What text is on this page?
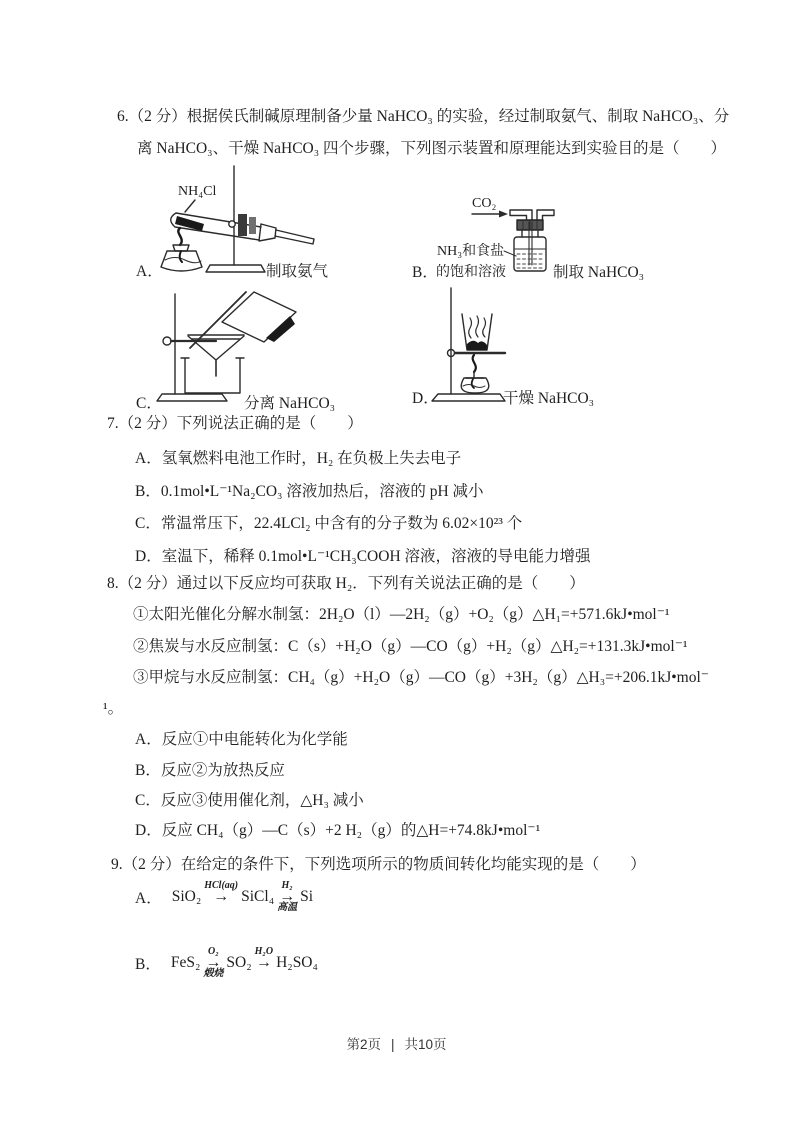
6.（2 分）根据侯氏制碱原理制备少量 NaHCO₃ 的实验，经过制取氨气、制取 NaHCO₃、分
离 NaHCO₃、干燥 NaHCO₃ 四个步骤，下列图示装置和原理能达到实验目的是（　　）
NH₄Cl
A．	制取氨气
CO₂
NH₃和食盐
B．
的饱和溶液	制取 NaHCO₃
C．	分离 NaHCO₃	D．	干燥 NaHCO₃
7.（2 分）下列说法正确的是（　　）
A．氢氧燃料电池工作时，H₂ 在负极上失去电子
B．0.1mol•L⁻¹Na₂CO₃ 溶液加热后，溶液的 pH 减小
C．常温常压下，22.4LCl₂ 中含有的分子数为 6.02×10²³ 个
D．室温下，稀释 0.1mol•L⁻¹CH₃COOH 溶液，溶液的导电能力增强
8.（2 分）通过以下反应均可获取 H₂．下列有关说法正确的是（　　）
①太阳光催化分解水制氢：2H₂O（l）—2H₂（g）+O₂（g）△H₁=+571.6kJ•mol⁻¹
②焦炭与水反应制氢：C（s）+H₂O（g）—CO（g）+H₂（g）△H₂=+131.3kJ•mol⁻¹
③甲烷与水反应制氢：CH₄（g）+H₂O（g）—CO（g）+3H₂（g）△H₃=+206.1kJ•mol⁻
¹。
A．反应①中电能转化为化学能
B．反应②为放热反应
C．反应③使用催化剂，△H₃ 减小
D．反应 CH₄（g）—C（s）+2 H₂（g）的△H=+74.8kJ•mol⁻¹
9.（2 分）在给定的条件下，下列选项所示的物质间转化均能实现的是（　　）
A． SiO₂
HCl(aq)
→ SiCl₄
H₂
→
高温
Si
B． FeS₂
O₂
→
煅烧
SO₂
H₂O
→ H₂SO₄
第2页 | 共10页
